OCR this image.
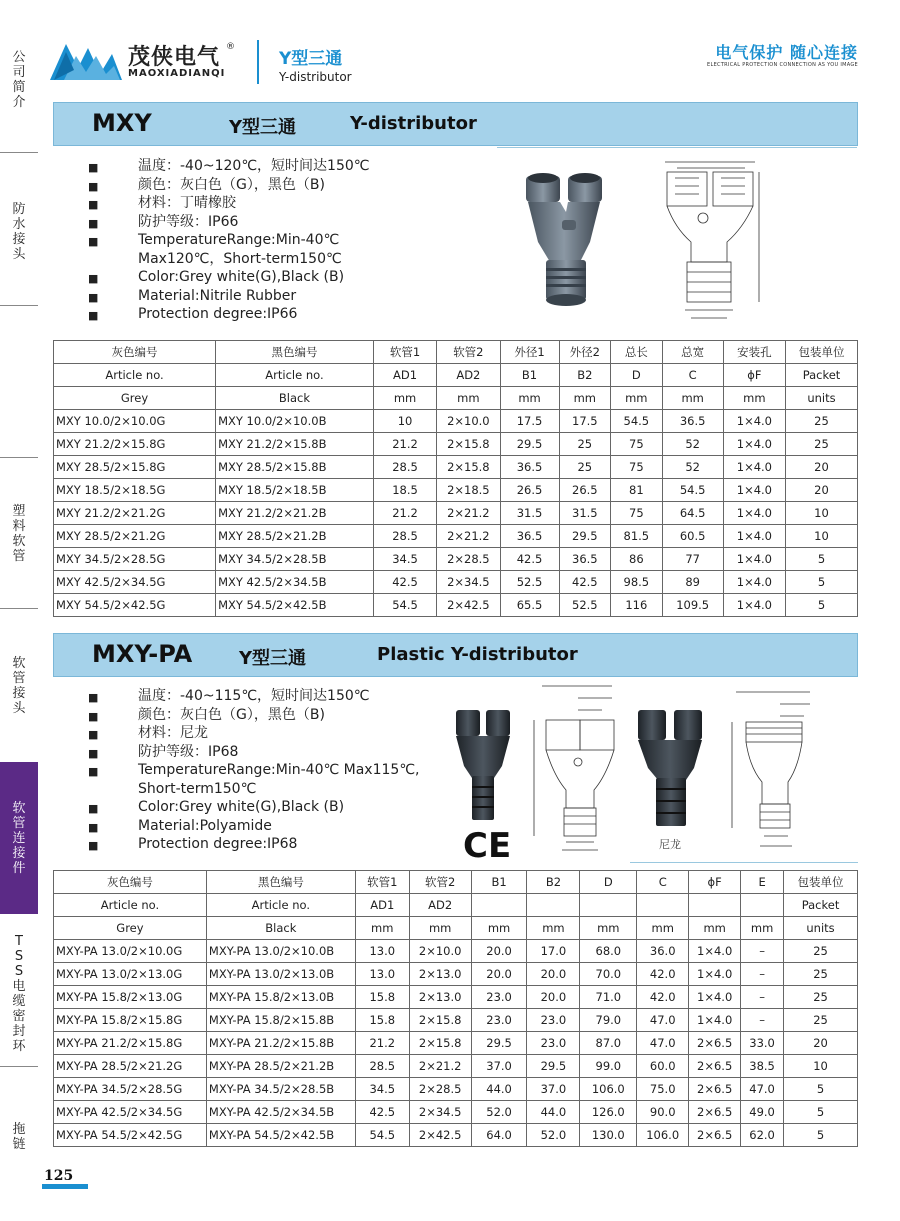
公司简介
防水接头
塑料软管
软管接头
软管连接件
TSS电缆密封环
拖链
茂侠电气 ®
MAOXIADIANQI
Y型三通
Y-distributor
电气保护 随心连接
ELECTRICAL PROTECTION CONNECTION AS YOU IMAGE
MXY	Y型三通	Y-distributor
■	温度：-40~120℃，短时间达150℃
■	颜色：灰白色（G），黑色（B)
■	材料：丁晴橡胶
■	防护等级：IP66
■	TemperatureRange:Min-40℃
Max120℃，Short-term150℃
■	Color:Grey white(G),Black (B)
■	Material:Nitrile Rubber
■	Protection degree:IP66
灰色编号	黑色编号	软管1	软管2	外径1	外径2	总长	总宽	安装孔	包装单位
Article no.	Article no.	AD1	AD2	B1	B2	D	C	ϕF	Packet
Grey	Black	mm	mm	mm	mm	mm	mm	mm	units
MXY 10.0/2×10.0G	MXY 10.0/2×10.0B	10	2×10.0	17.5	17.5	54.5	36.5	1×4.0	25
MXY 21.2/2×15.8G	MXY 21.2/2×15.8B	21.2	2×15.8	29.5	25	75	52	1×4.0	25
MXY 28.5/2×15.8G	MXY 28.5/2×15.8B	28.5	2×15.8	36.5	25	75	52	1×4.0	20
MXY 18.5/2×18.5G	MXY 18.5/2×18.5B	18.5	2×18.5	26.5	26.5	81	54.5	1×4.0	20
MXY 21.2/2×21.2G	MXY 21.2/2×21.2B	21.2	2×21.2	31.5	31.5	75	64.5	1×4.0	10
MXY 28.5/2×21.2G	MXY 28.5/2×21.2B	28.5	2×21.2	36.5	29.5	81.5	60.5	1×4.0	10
MXY 34.5/2×28.5G	MXY 34.5/2×28.5B	34.5	2×28.5	42.5	36.5	86	77	1×4.0	5
MXY 42.5/2×34.5G	MXY 42.5/2×34.5B	42.5	2×34.5	52.5	42.5	98.5	89	1×4.0	5
MXY 54.5/2×42.5G	MXY 54.5/2×42.5B	54.5	2×42.5	65.5	52.5	116	109.5	1×4.0	5
MXY-PA	Y型三通	Plastic Y-distributor
■	温度：-40~115℃，短时间达150℃
■	颜色：灰白色（G），黑色（B)
■	材料：尼龙
■	防护等级：IP68
■	TemperatureRange:Min-40℃ Max115℃,
Short-term150℃
■	Color:Grey white(G),Black (B)
■	Material:Polyamide
■	Protection degree:IP68	CE	尼龙
灰色编号	黑色编号	软管1	软管2	B1	B2	D	C	ϕF	E	包装单位
Article no.	Article no.	AD1	AD2							Packet
Grey	Black	mm	mm	mm	mm	mm	mm	mm	mm	units
MXY-PA 13.0/2×10.0G	MXY-PA 13.0/2×10.0B	13.0	2×10.0	20.0	17.0	68.0	36.0	1×4.0	–	25
MXY-PA 13.0/2×13.0G	MXY-PA 13.0/2×13.0B	13.0	2×13.0	20.0	20.0	70.0	42.0	1×4.0	–	25
MXY-PA 15.8/2×13.0G	MXY-PA 15.8/2×13.0B	15.8	2×13.0	23.0	20.0	71.0	42.0	1×4.0	–	25
MXY-PA 15.8/2×15.8G	MXY-PA 15.8/2×15.8B	15.8	2×15.8	23.0	23.0	79.0	47.0	1×4.0	–	25
MXY-PA 21.2/2×15.8G	MXY-PA 21.2/2×15.8B	21.2	2×15.8	29.5	23.0	87.0	47.0	2×6.5	33.0	20
MXY-PA 28.5/2×21.2G	MXY-PA 28.5/2×21.2B	28.5	2×21.2	37.0	29.5	99.0	60.0	2×6.5	38.5	10
MXY-PA 34.5/2×28.5G	MXY-PA 34.5/2×28.5B	34.5	2×28.5	44.0	37.0	106.0	75.0	2×6.5	47.0	5
MXY-PA 42.5/2×34.5G	MXY-PA 42.5/2×34.5B	42.5	2×34.5	52.0	44.0	126.0	90.0	2×6.5	49.0	5
MXY-PA 54.5/2×42.5G	MXY-PA 54.5/2×42.5B	54.5	2×42.5	64.0	52.0	130.0	106.0	2×6.5	62.0	5
125
